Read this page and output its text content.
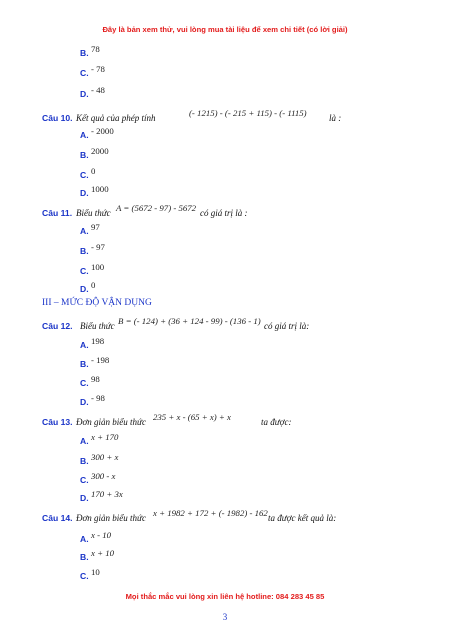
Đây là bản xem thử, vui lòng mua tài liệu để xem chi tiết (có lời giải)
B. 78
C. - 78
D. - 48
Câu 10. Kết quả của phép tính	(- 1215) - (- 215 + 115) - (- 1115) là :
A. - 2000
B. 2000
C. 0
D. 1000
Câu 11. Biểu thức A = (5672 - 97) - 5672 có giá trị là :
A. 97
B. - 97
C. 100
D. 0
III – MỨC ĐỘ VẬN DỤNG
Câu 12. Biểu thức B = (- 124) + (36 + 124 - 99) - (136 - 1) có giá trị là:
A. 198
B. - 198
C. 98
D. - 98
Câu 13. Đơn giản biểu thức 235 + x - (65 + x) + x	ta được:
A. x + 170
B. 300 + x
C. 300 - x
D. 170 + 3x
Câu 14. Đơn giản biểu thức x + 1982 + 172 + (- 1982) - 162 ta được kết quả là:
A. x - 10
B. x + 10
C. 10
Mọi thắc mắc vui lòng xin liên hệ hotline: 084 283 45 85
3
